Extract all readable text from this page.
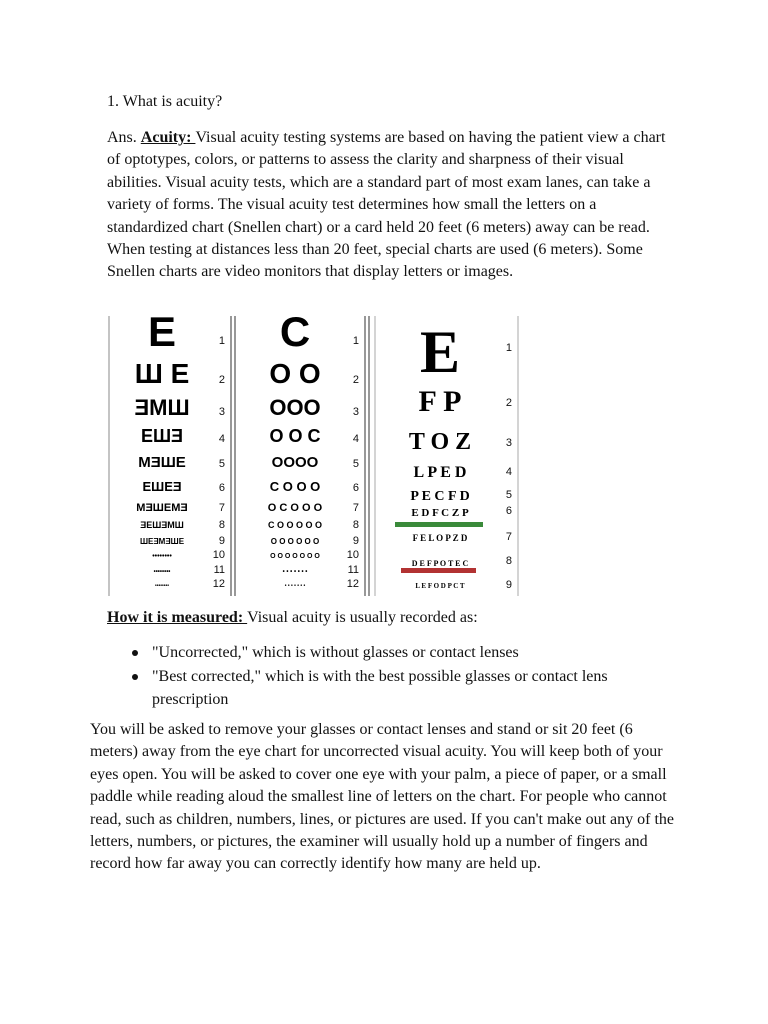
1. What is acuity?
Ans. Acuity: Visual acuity testing systems are based on having the patient view a chart of optotypes, colors, or patterns to assess the clarity and sharpness of their visual abilities. Visual acuity tests, which are a standard part of most exam lanes, can take a variety of forms. The visual acuity test determines how small the letters on a standardized chart (Snellen chart) or a card held 20 feet (6 meters) away can be read. When testing at distances less than 20 feet, special charts are used (6 meters). Some Snellen charts are video monitors that display letters or images.
E
Ш E
ƎMШ
EШƎ
MƎШE
EШEƎ
MƎШEMƎ
ƎEШƎMШ
ШEƎMƎШE
••••••••
••••••••
••••••••
1
2
3
4
5
6
7
8
9
10
11
12
C
O O
OOO
O O C
OOOO
C O O O
O C O O O
C O O O O O
O O O O O O
O O O O O O O
• • • • • • •
• • • • • • •
1
2
3
4
5
6
7
8
9
10
11
12
E
F P
T O Z
L P E D
P E C F D
E D F C Z P
F E L O P Z D
D E F P O T E C
L E F O D P C T
1
2
3
4
5
6
7
8
9
How it is measured: Visual acuity is usually recorded as:
"Uncorrected," which is without glasses or contact lenses
"Best corrected," which is with the best possible glasses or contact lens prescription
You will be asked to remove your glasses or contact lenses and stand or sit 20 feet (6 meters) away from the eye chart for uncorrected visual acuity. You will keep both of your eyes open. You will be asked to cover one eye with your palm, a piece of paper, or a small paddle while reading aloud the smallest line of letters on the chart. For people who cannot read, such as children, numbers, lines, or pictures are used. If you can't make out any of the letters, numbers, or pictures, the examiner will usually hold up a number of fingers and record how far away you can correctly identify how many are held up.
